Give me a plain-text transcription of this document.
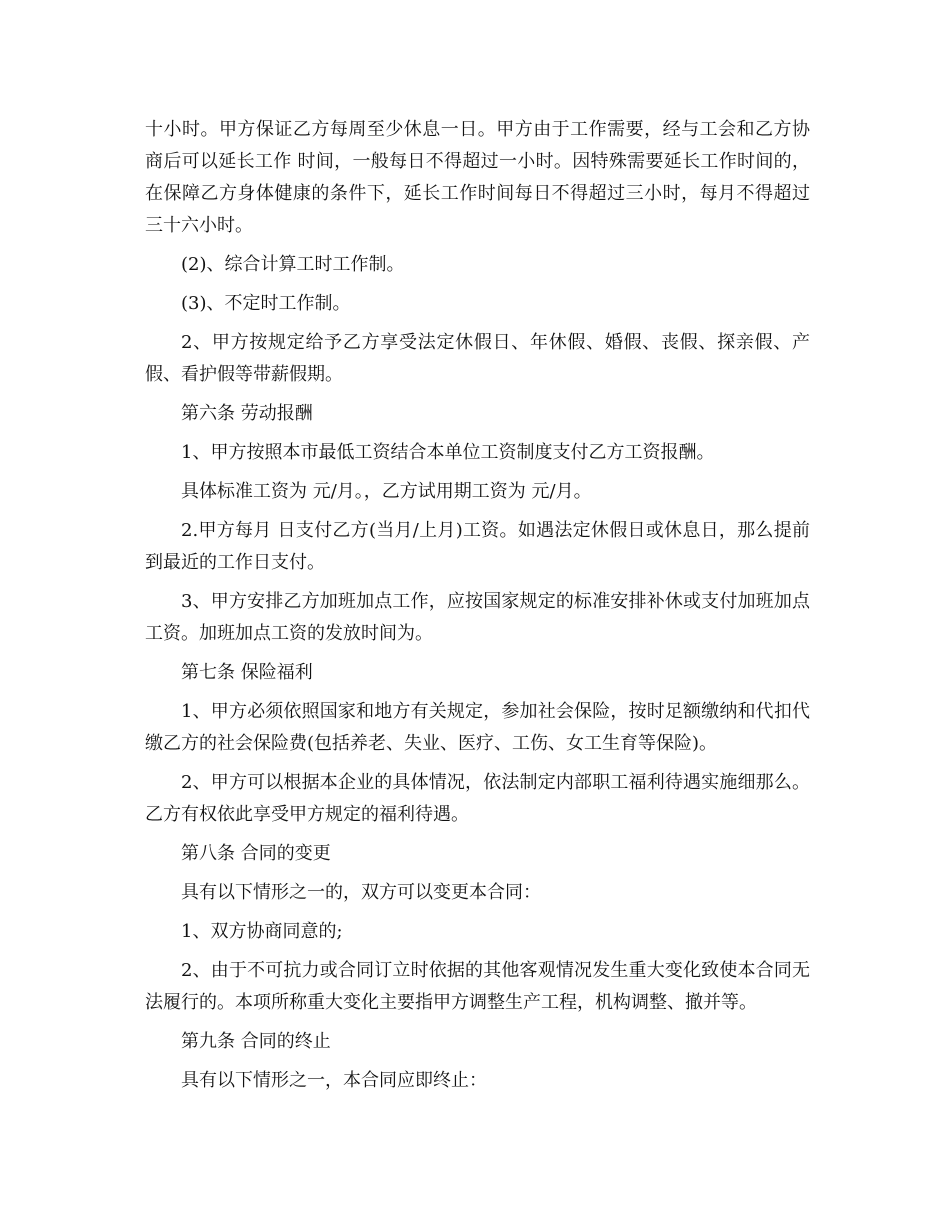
十小时。甲方保证乙方每周至少休息一日。甲方由于工作需要，经与工会和乙方协 商后可以延长工作 时间，一般每日不得超过一小时。因特殊需要延长工作时间的，在保障乙方身体健康的条件下，延长工作时间每日不得超过三小时，每月不得超过三十六小时。

(2)、综合计算工时工作制。

(3)、不定时工作制。

2、甲方按规定给予乙方享受法定休假日、年休假、婚假、丧假、探亲假、产假、看护假等带薪假期。

第六条 劳动报酬

1、甲方按照本市最低工资结合本单位工资制度支付乙方工资报酬。

具体标准工资为 元/月。，乙方试用期工资为 元/月。

2.甲方每月 日支付乙方(当月/上月)工资。如遇法定休假日或休息日，那么提前到最近的工作日支付。

3、甲方安排乙方加班加点工作，应按国家规定的标准安排补休或支付加班加点工资。加班加点工资的发放时间为。

第七条 保险福利

1、甲方必须依照国家和地方有关规定，参加社会保险，按时足额缴纳和代扣代缴乙方的社会保险费(包括养老、失业、医疗、工伤、女工生育等保险)。

2、甲方可以根据本企业的具体情况，依法制定内部职工福利待遇实施细那么。乙方有权依此享受甲方规定的福利待遇。

第八条 合同的变更

具有以下情形之一的，双方可以变更本合同：

1、双方协商同意的;

2、由于不可抗力或合同订立时依据的其他客观情况发生重大变化致使本合同无法履行的。本项所称重大变化主要指甲方调整生产工程，机构调整、撤并等。

第九条 合同的终止

具有以下情形之一，本合同应即终止：
